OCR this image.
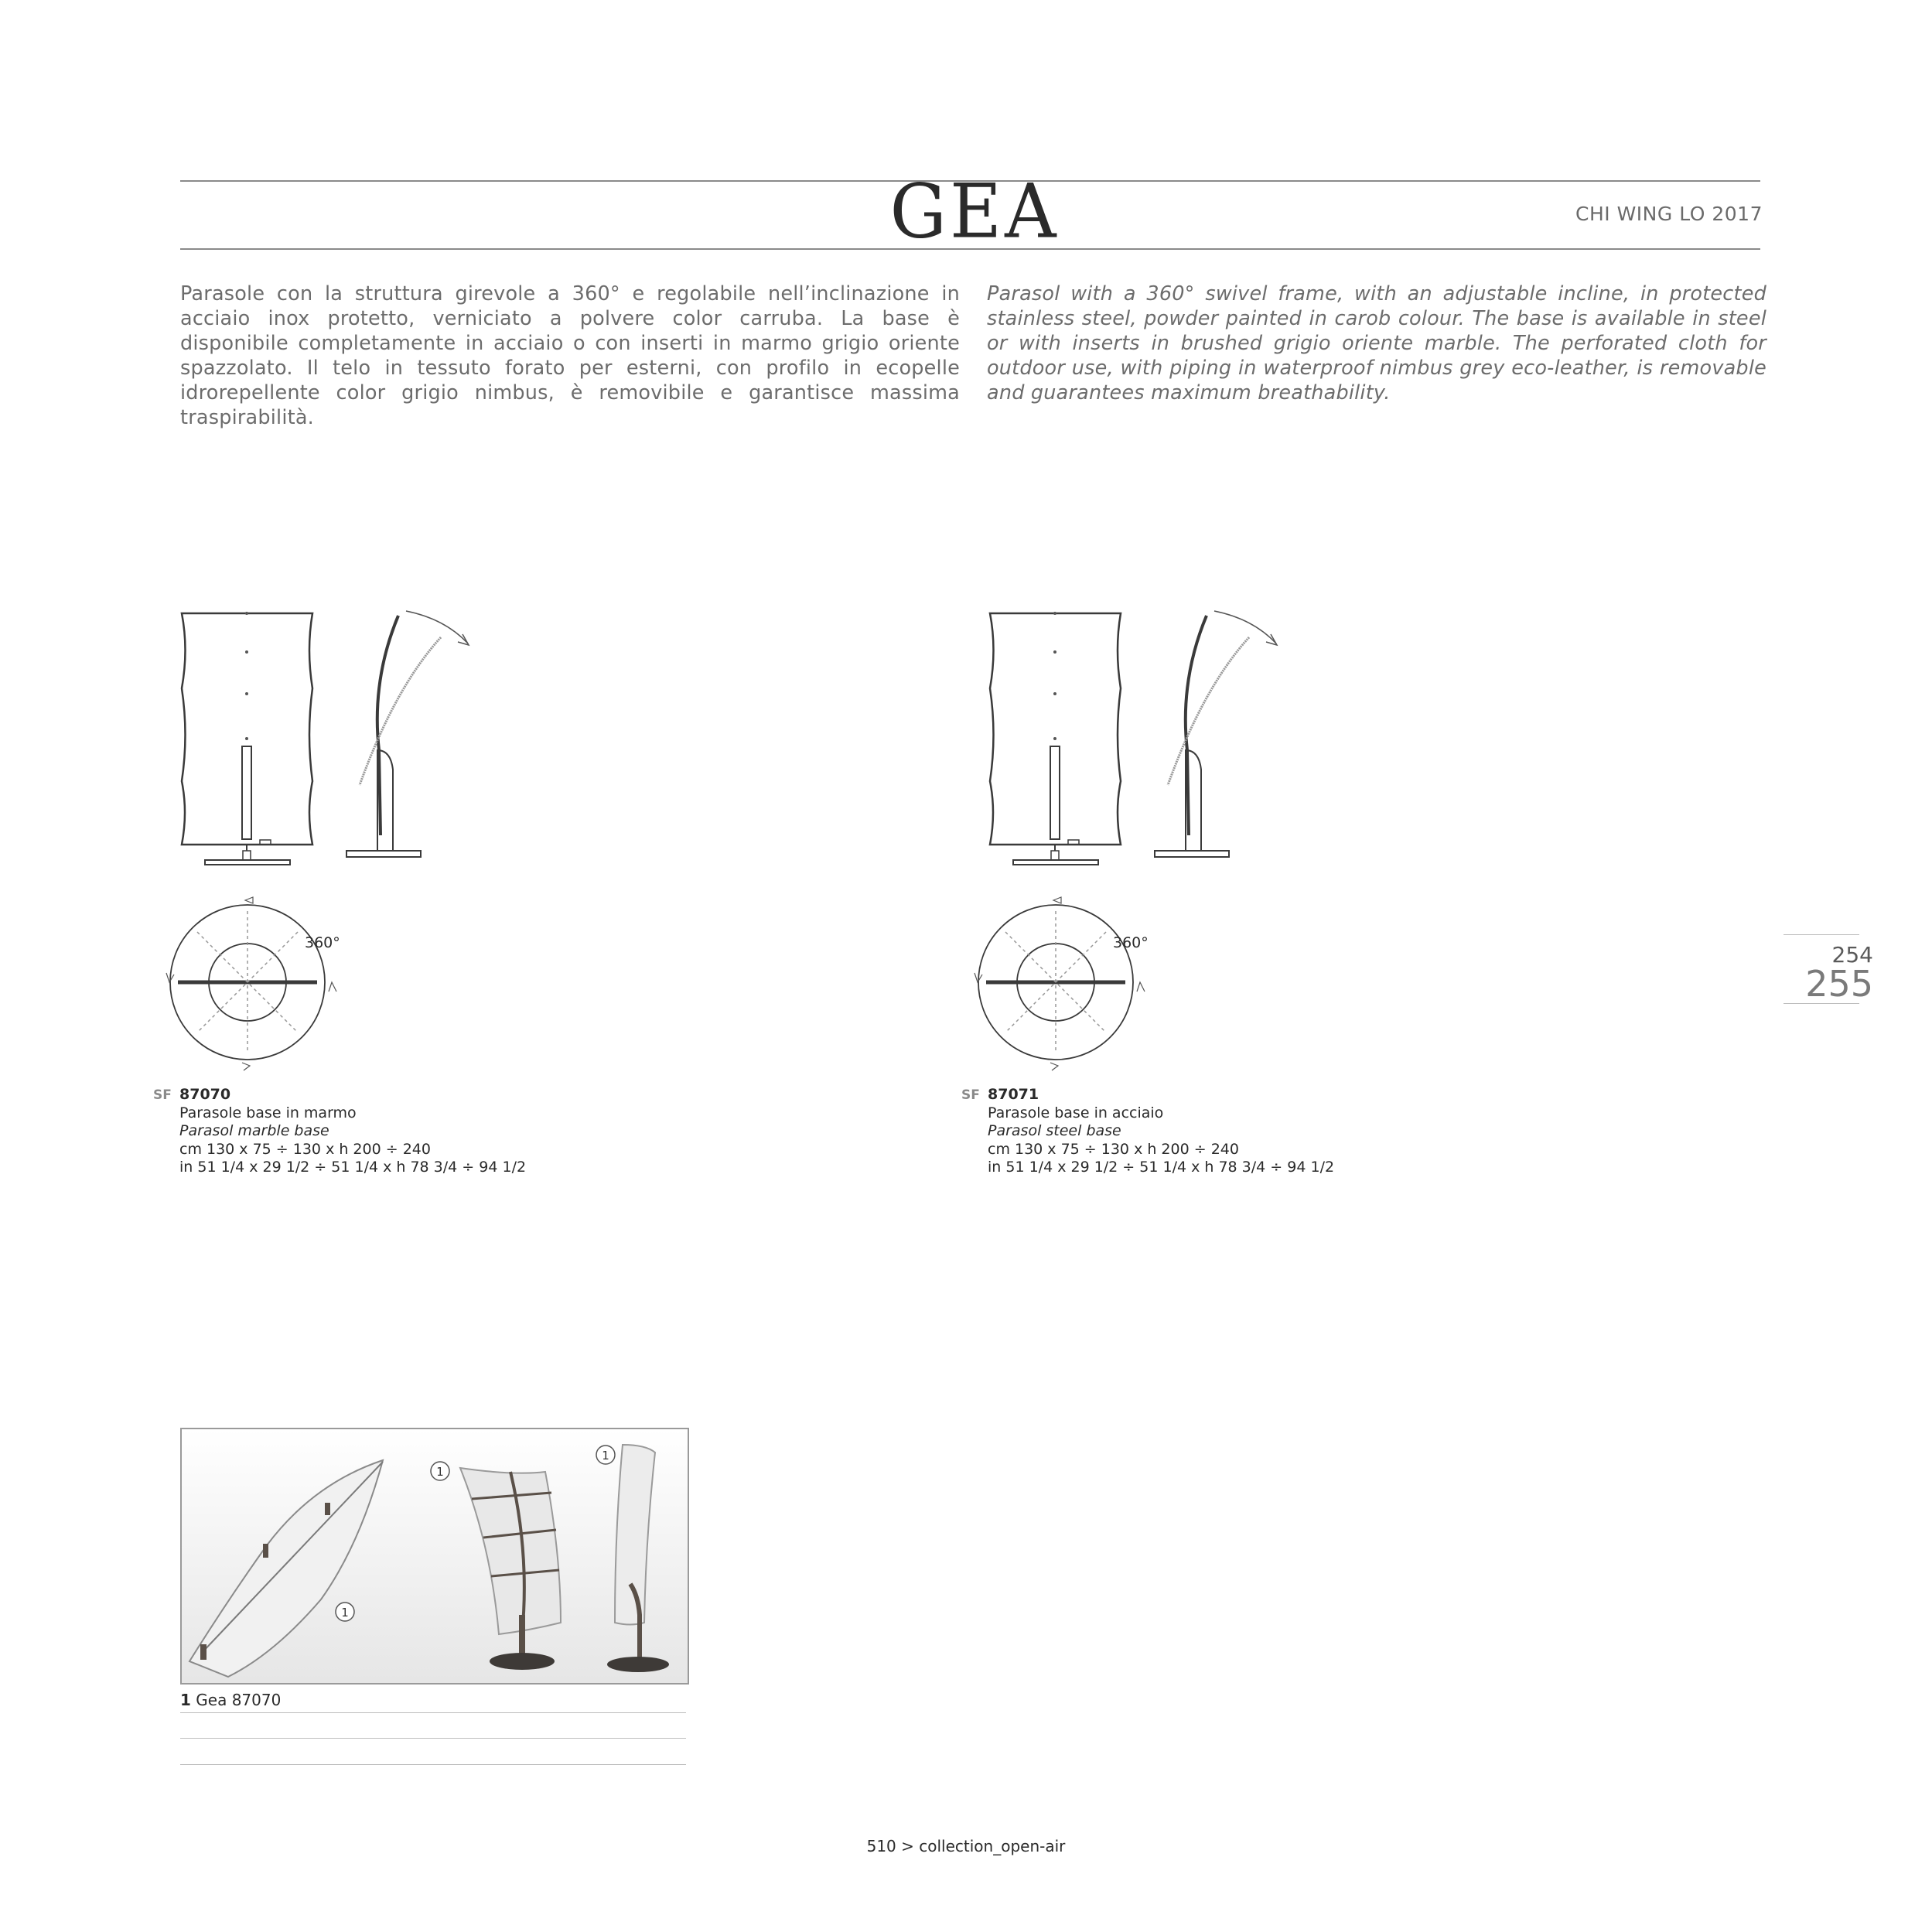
GEA	CHI WING LO 2017
Parasole con la struttura girevole a 360° e regolabile nell’inclinazione in acciaio inox protetto, verniciato a polvere color carruba. La base è disponibile completamente in acciaio o con inserti in marmo grigio oriente spazzolato. Il telo in tessuto forato per esterni, con profilo in ecopelle idrorepellente color grigio nimbus, è removibile e garantisce massima traspirabilità.
Parasol with a 360° swivel frame, with an adjustable incline, in protected stainless steel, powder painted in carob colour. The base is available in steel or with inserts in brushed grigio oriente marble. The perforated cloth for outdoor use, with piping in waterproof nimbus grey eco-leather, is removable and guarantees maximum breathability.
360°
SF 87070
Parasole base in marmo
Parasol marble base
cm 130 x 75 ÷ 130 x h 200 ÷ 240
in 51 1/4 x 29 1/2 ÷ 51 1/4 x h 78 3/4 ÷ 94 1/2
360°
SF 87071
Parasole base in acciaio
Parasol steel base
cm 130 x 75 ÷ 130 x h 200 ÷ 240
in 51 1/4 x 29 1/2 ÷ 51 1/4 x h 78 3/4 ÷ 94 1/2
254
255
1
1
1
1 Gea 87070
510 > collection_open-air
